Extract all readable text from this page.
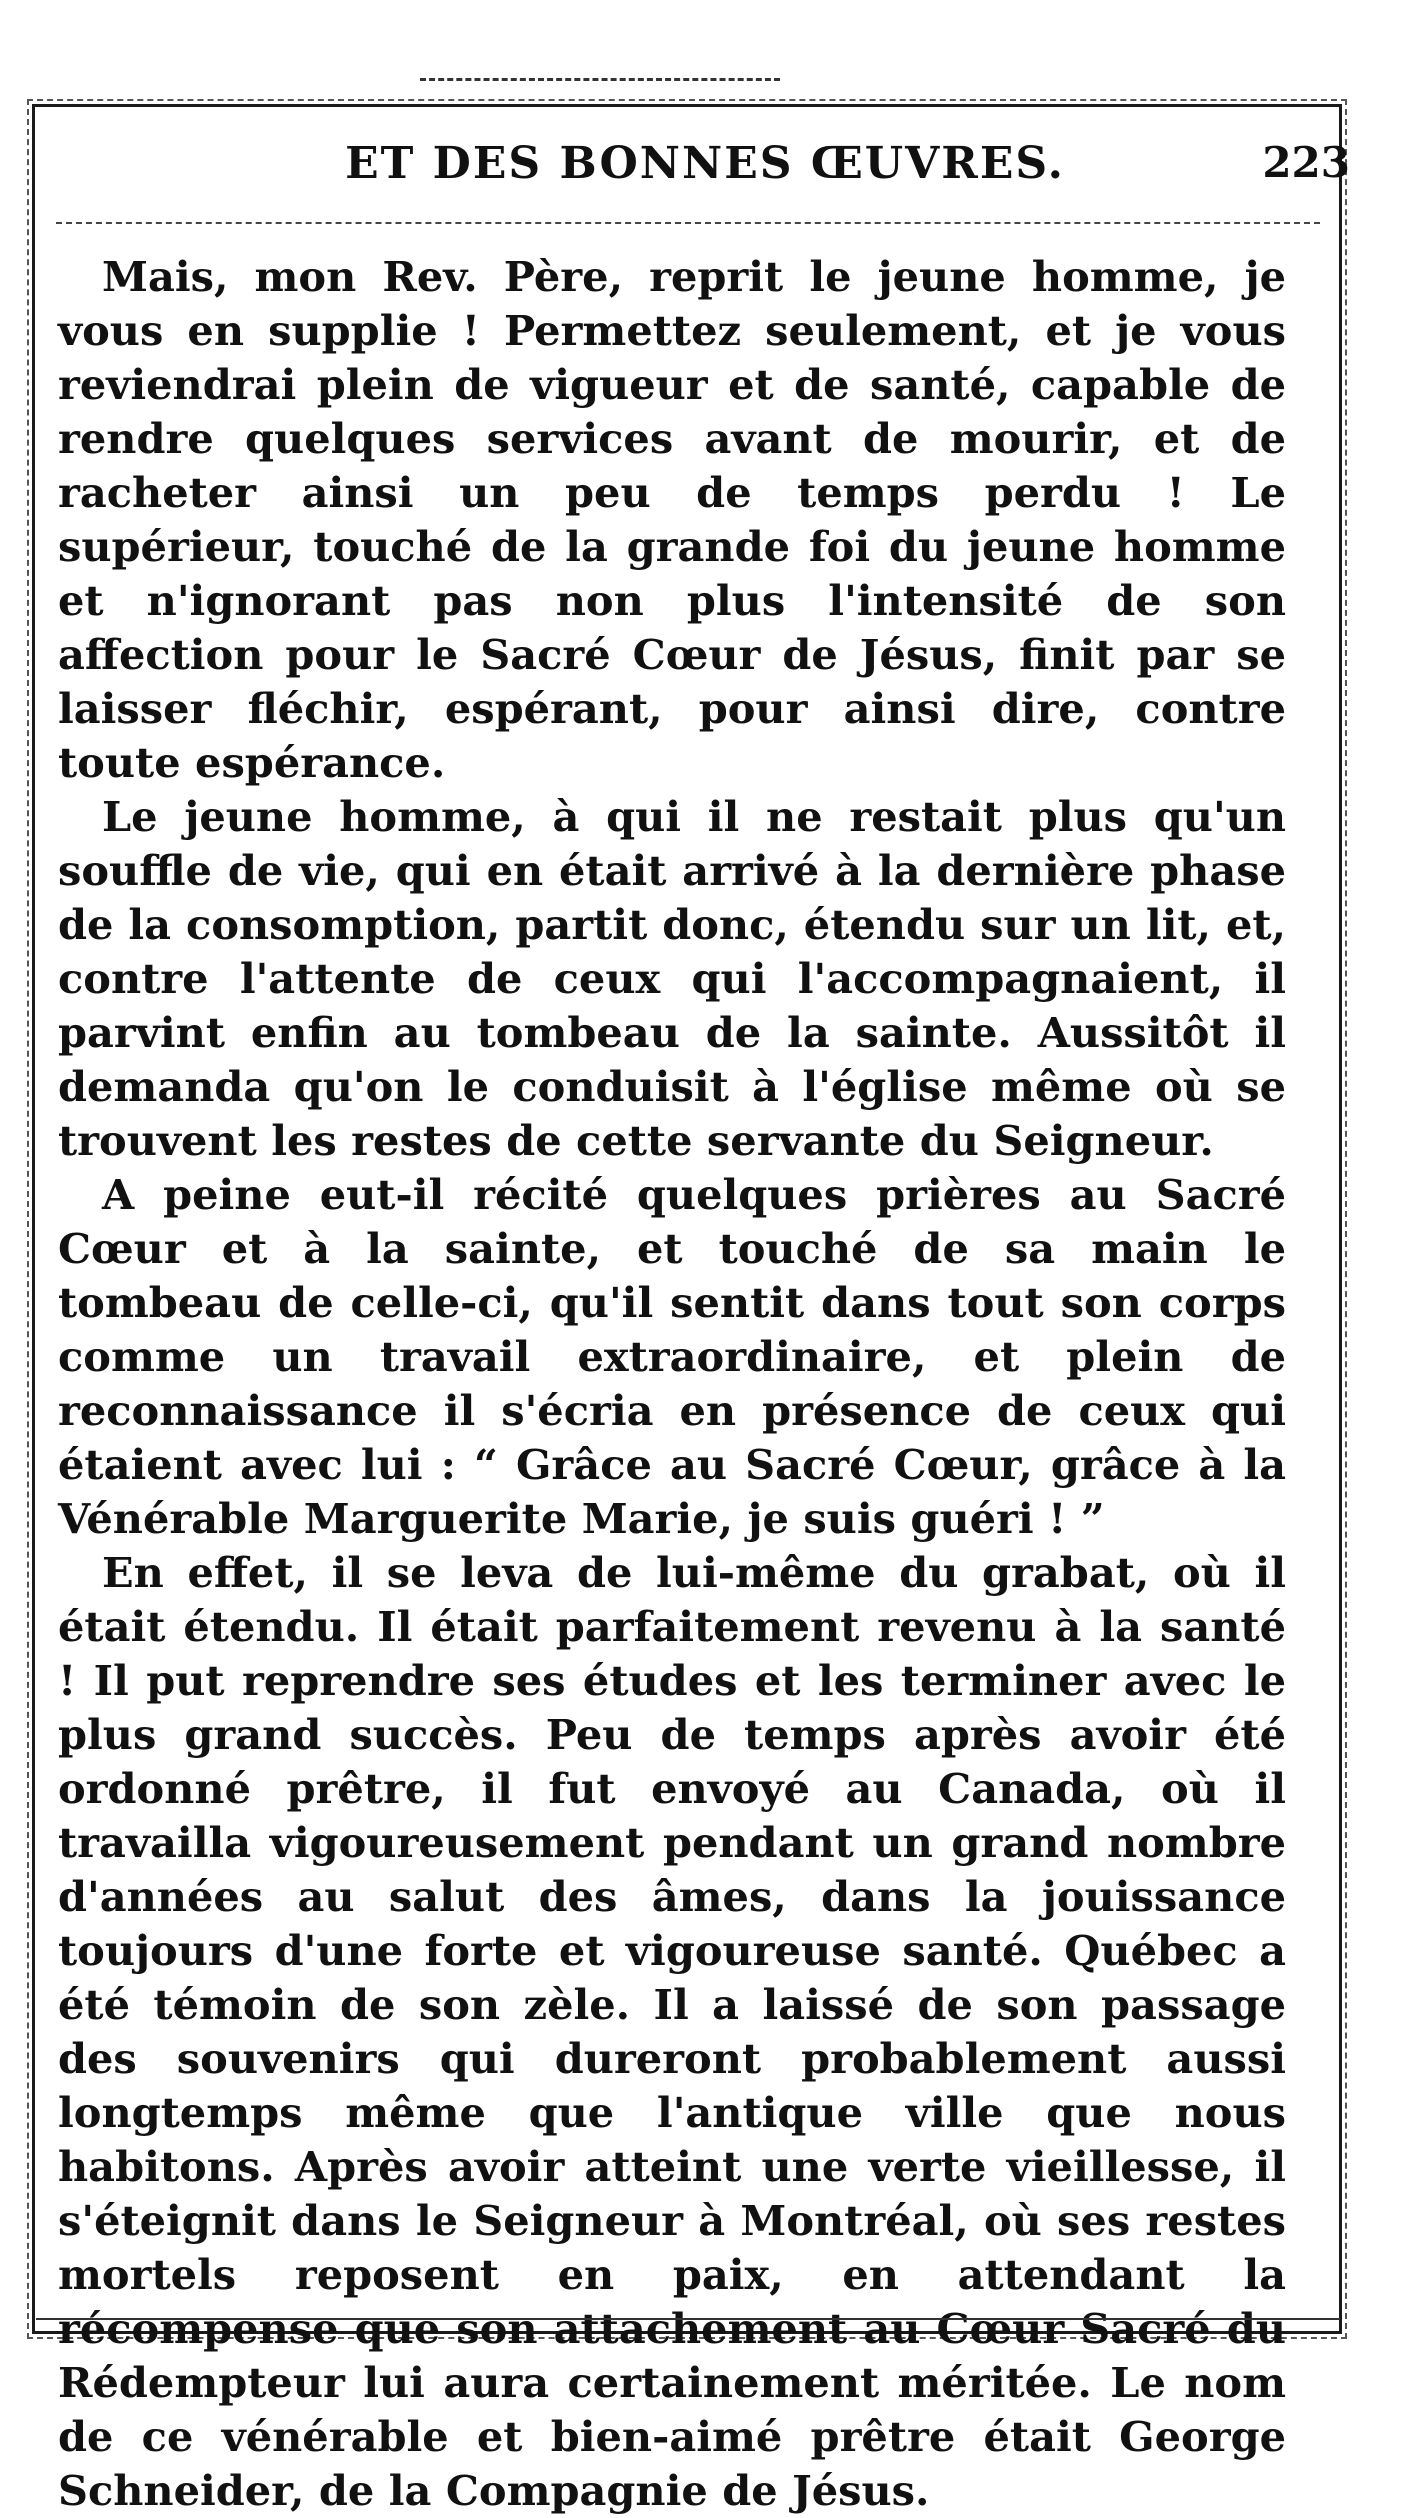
ET DES BONNES ŒUVRES.	223

Mais, mon Rev. Père, reprit le jeune homme, je vous en supplie ! Permettez seulement, et je vous reviendrai plein de vigueur et de santé, capable de rendre quelques services avant de mourir, et de racheter ainsi un peu de temps perdu ! Le supérieur, touché de la grande foi du jeune homme et n'ignorant pas non plus l'intensité de son affection pour le Sacré Cœur de Jésus, finit par se laisser fléchir, espérant, pour ainsi dire, contre toute espérance.

Le jeune homme, à qui il ne restait plus qu'un souffle de vie, qui en était arrivé à la dernière phase de la consomption, partit donc, étendu sur un lit, et, contre l'attente de ceux qui l'accompagnaient, il parvint enfin au tombeau de la sainte. Aussitôt il demanda qu'on le conduisit à l'église même où se trouvent les restes de cette servante du Seigneur.

A peine eut-il récité quelques prières au Sacré Cœur et à la sainte, et touché de sa main le tombeau de celle-ci, qu'il sentit dans tout son corps comme un travail extraordinaire, et plein de reconnaissance il s'écria en présence de ceux qui étaient avec lui : “ Grâce au Sacré Cœur, grâce à la Vénérable Marguerite Marie, je suis guéri ! ”

En effet, il se leva de lui-même du grabat, où il était étendu. Il était parfaitement revenu à la santé ! Il put reprendre ses études et les terminer avec le plus grand succès. Peu de temps après avoir été ordonné prêtre, il fut envoyé au Canada, où il travailla vigoureusement pendant un grand nombre d'années au salut des âmes, dans la jouissance toujours d'une forte et vigoureuse santé. Québec a été témoin de son zèle. Il a laissé de son passage des souvenirs qui dureront probablement aussi longtemps même que l'antique ville que nous habitons. Après avoir atteint une verte vieillesse, il s'éteignit dans le Seigneur à Montréal, où ses restes mortels reposent en paix, en attendant la récompense que son attachement au Cœur Sacré du Rédempteur lui aura certainement méritée. Le nom de ce vénérable et bien-aimé prêtre était George Schneider, de la Compagnie de Jésus.
